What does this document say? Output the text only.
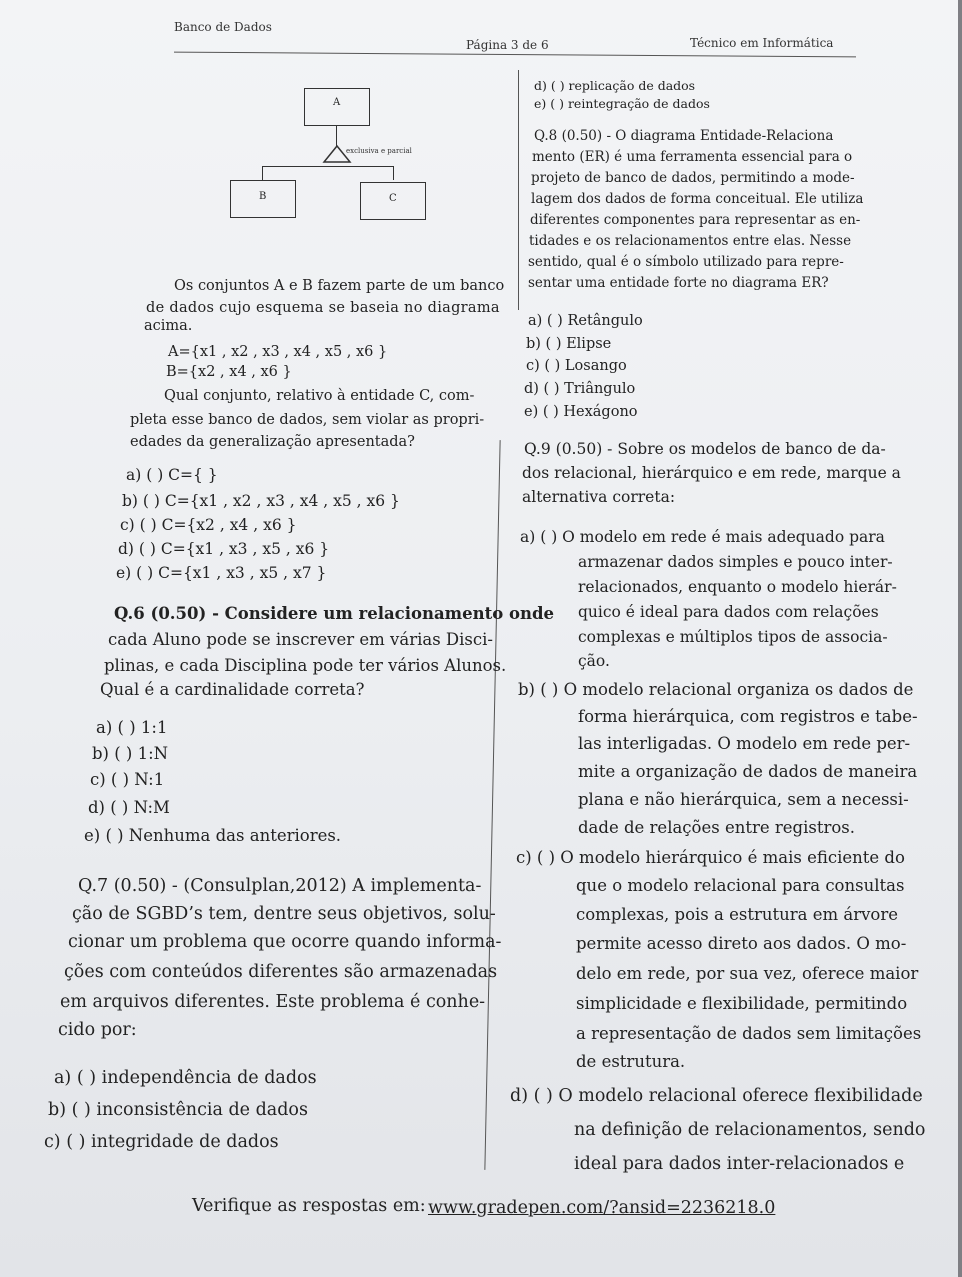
Banco de Dados
Página 3 de 6	Técnico em Informática
A
exclusiva e parcial
B	C
Os conjuntos A e B fazem parte de um banco
de dados cujo esquema se baseia no diagrama
acima.
A={x1 , x2 , x3 , x4 , x5 , x6 }
B={x2 , x4 , x6 }
Qual conjunto, relativo à entidade C, com-
pleta esse banco de dados, sem violar as propri-
edades da generalização apresentada?
a) ( ) C={ }
b) ( ) C={x1 , x2 , x3 , x4 , x5 , x6 }
c) ( ) C={x2 , x4 , x6 }
d) ( ) C={x1 , x3 , x5 , x6 }
e) ( ) C={x1 , x3 , x5 , x7 }
Q.6 (0.50) - Considere um relacionamento onde
cada Aluno pode se inscrever em várias Disci-
plinas, e cada Disciplina pode ter vários Alunos.
Qual é a cardinalidade correta?
a) ( ) 1:1
b) ( ) 1:N
c) ( ) N:1
d) ( ) N:M
e) ( ) Nenhuma das anteriores.
Q.7 (0.50) - (Consulplan,2012) A implementa-
ção de SGBD’s tem, dentre seus objetivos, solu-
cionar um problema que ocorre quando informa-
ções com conteúdos diferentes são armazenadas
em arquivos diferentes. Este problema é conhe-
cido por:
a) ( ) independência de dados
b) ( ) inconsistência de dados
c) ( ) integridade de dados
d) ( ) replicação de dados
e) ( ) reintegração de dados
Q.8 (0.50) - O diagrama Entidade-Relaciona
mento (ER) é uma ferramenta essencial para o
projeto de banco de dados, permitindo a mode-
lagem dos dados de forma conceitual. Ele utiliza
diferentes componentes para representar as en-
tidades e os relacionamentos entre elas. Nesse
sentido, qual é o símbolo utilizado para repre-
sentar uma entidade forte no diagrama ER?
a) ( ) Retângulo
b) ( ) Elipse
c) ( ) Losango
d) ( ) Triângulo
e) ( ) Hexágono
Q.9 (0.50) - Sobre os modelos de banco de da-
dos relacional, hierárquico e em rede, marque a
alternativa correta:
a) ( ) O modelo em rede é mais adequado para
armazenar dados simples e pouco inter-
relacionados, enquanto o modelo hierár-
quico é ideal para dados com relações
complexas e múltiplos tipos de associa-
ção.
b) ( ) O modelo relacional organiza os dados de
forma hierárquica, com registros e tabe-
las interligadas. O modelo em rede per-
mite a organização de dados de maneira
plana e não hierárquica, sem a necessi-
dade de relações entre registros.
c) ( ) O modelo hierárquico é mais eficiente do
que o modelo relacional para consultas
complexas, pois a estrutura em árvore
permite acesso direto aos dados. O mo-
delo em rede, por sua vez, oferece maior
simplicidade e flexibilidade, permitindo
a representação de dados sem limitações
de estrutura.
d) ( ) O modelo relacional oferece flexibilidade
na definição de relacionamentos, sendo
ideal para dados inter-relacionados e
Verifique as respostas em: www.gradepen.com/?ansid=2236218.0
